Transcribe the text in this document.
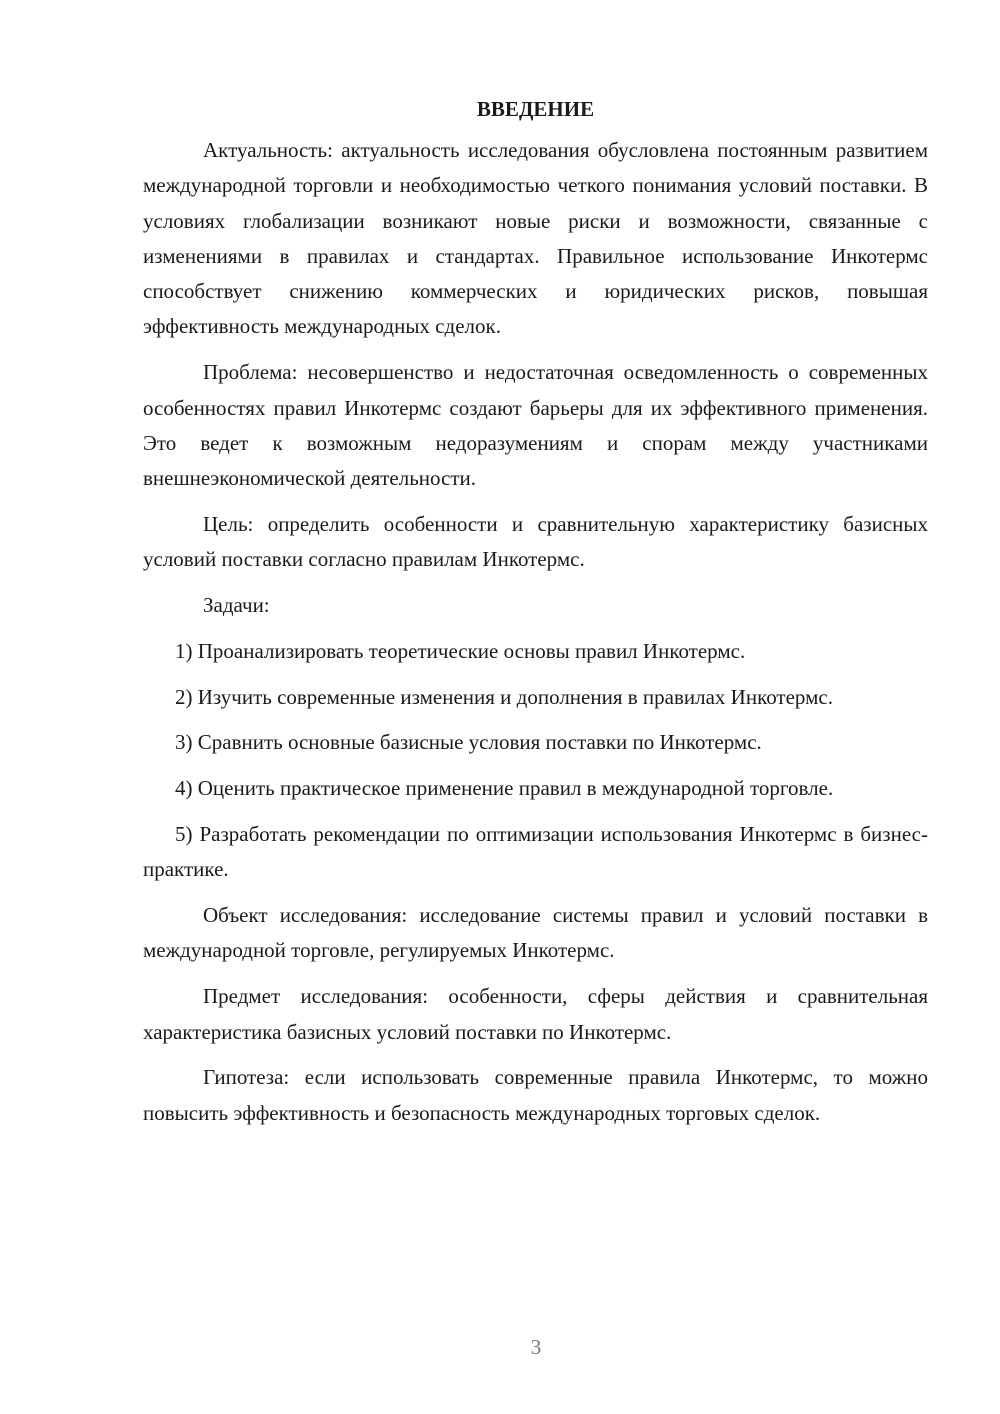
ВВЕДЕНИЕ

Актуальность: актуальность исследования обусловлена постоянным развитием международной торговли и необходимостью четкого понимания условий поставки. В условиях глобализации возникают новые риски и возможности, связанные с изменениями в правилах и стандартах. Правильное использование Инкотермс способствует снижению коммерческих и юридических рисков, повышая эффективность международных сделок.

Проблема: несовершенство и недостаточная осведомленность о современных особенностях правил Инкотермс создают барьеры для их эффективного применения. Это ведет к возможным недоразумениям и спорам между участниками внешнеэкономической деятельности.

Цель: определить особенности и сравнительную характеристику базисных условий поставки согласно правилам Инкотермс.

Задачи:

1) Проанализировать теоретические основы правил Инкотермс.

2) Изучить современные изменения и дополнения в правилах Инкотермс.

3) Сравнить основные базисные условия поставки по Инкотермс.

4) Оценить практическое применение правил в международной торговле.

5) Разработать рекомендации по оптимизации использования Инкотермс в бизнес-практике.

Объект исследования: исследование системы правил и условий поставки в международной торговле, регулируемых Инкотермс.

Предмет исследования: особенности, сферы действия и сравнительная характеристика базисных условий поставки по Инкотермс.

Гипотеза: если использовать современные правила Инкотермс, то можно повысить эффективность и безопасность международных торговых сделок.

3
